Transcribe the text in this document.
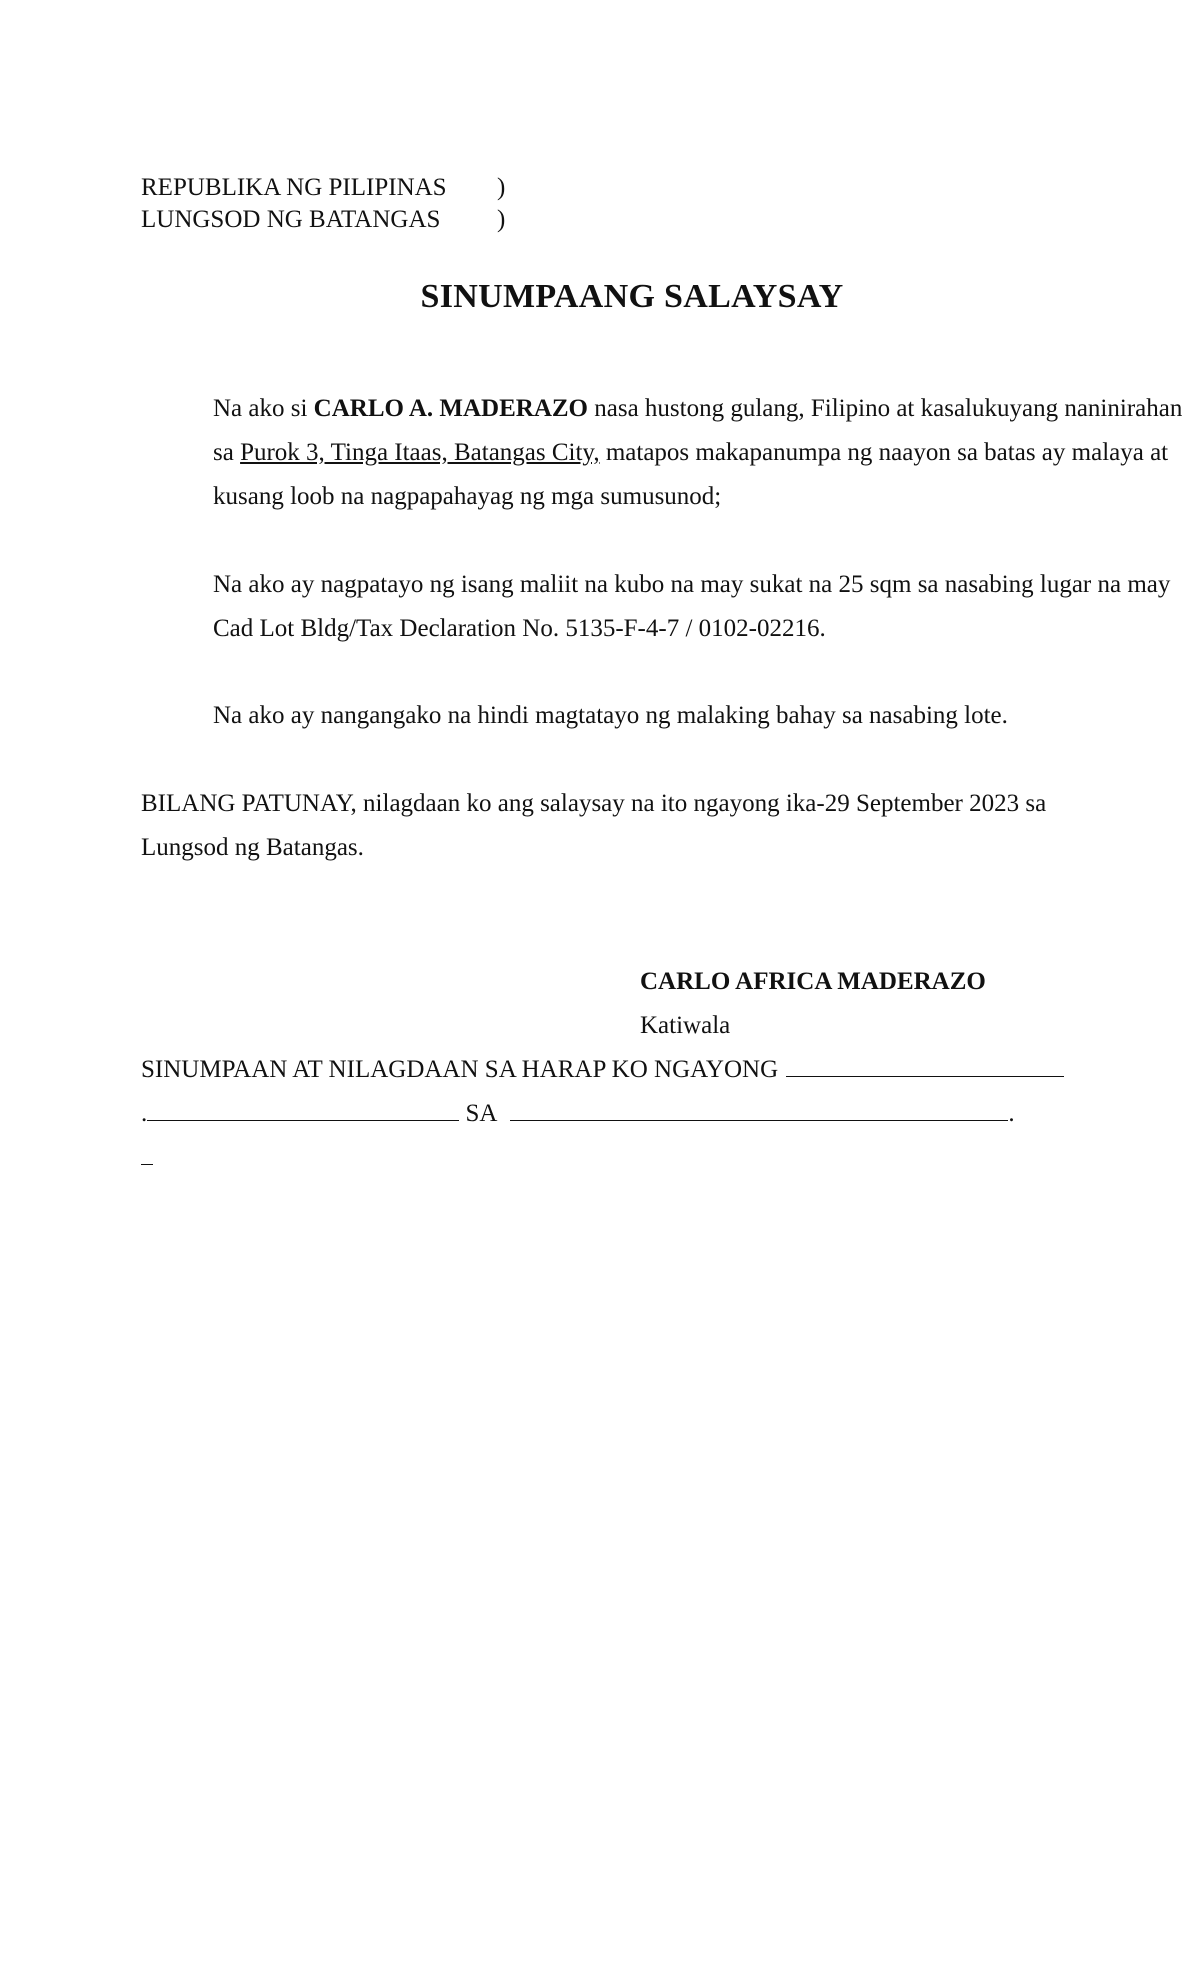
REPUBLIKA NG PILIPINAS	)
LUNGSOD NG BATANGAS	)
SINUMPAANG SALAYSAY

Na ako si CARLO A. MADERAZO nasa hustong gulang, Filipino at kasalukuyang naninirahan sa Purok 3, Tinga Itaas, Batangas City, matapos makapanumpa ng naayon sa batas ay malaya at kusang loob na nagpapahayag ng mga sumusunod;

Na ako ay nagpatayo ng isang maliit na kubo na may sukat na 25 sqm sa nasabing lugar na may Cad Lot Bldg/Tax Declaration No. 5135-F-4-7 / 0102-02216.

Na ako ay nangangako na hindi magtatayo ng malaking bahay sa nasabing lote.

BILANG PATUNAY, nilagdaan ko ang salaysay na ito ngayong ika-29 September 2023 sa Lungsod ng Batangas.

CARLO AFRICA MADERAZO
Katiwala
SINUMPAAN AT NILAGDAAN SA HARAP KO NGAYONG
.	SA	.
